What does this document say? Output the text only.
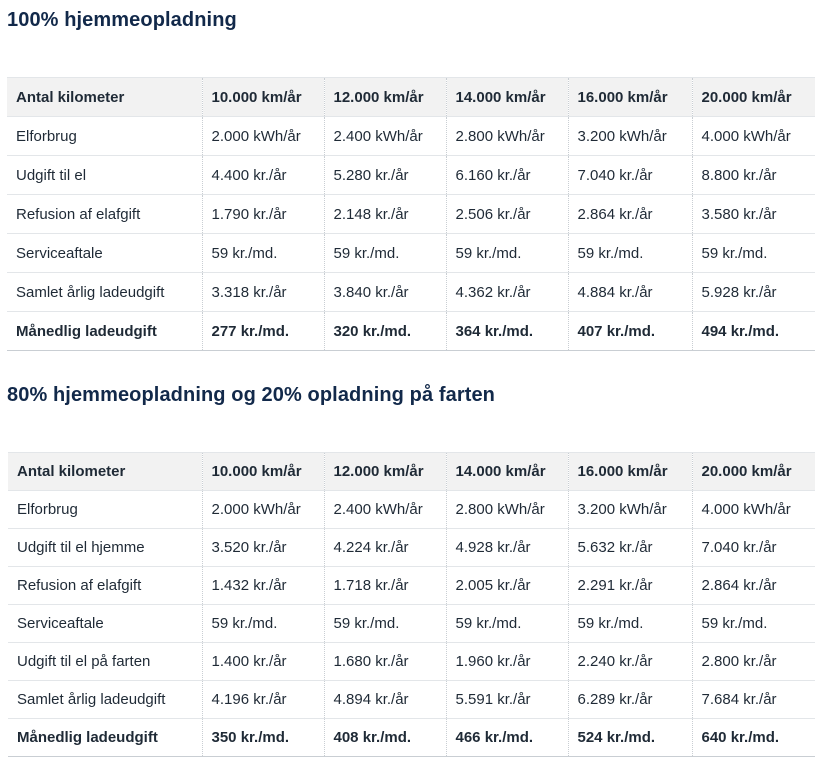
100% hjemmeopladning
Antal kilometer	10.000 km/år	12.000 km/år	14.000 km/år	16.000 km/år	20.000 km/år
Elforbrug	2.000 kWh/år	2.400 kWh/år	2.800 kWh/år	3.200 kWh/år	4.000 kWh/år
Udgift til el	4.400 kr./år	5.280 kr./år	6.160 kr./år	7.040 kr./år	8.800 kr./år
Refusion af elafgift	1.790 kr./år	2.148 kr./år	2.506 kr./år	2.864 kr./år	3.580 kr./år
Serviceaftale	59 kr./md.	59 kr./md.	59 kr./md.	59 kr./md.	59 kr./md.
Samlet årlig ladeudgift	3.318 kr./år	3.840 kr./år	4.362 kr./år	4.884 kr./år	5.928 kr./år
Månedlig ladeudgift	277 kr./md.	320 kr./md.	364 kr./md.	407 kr./md.	494 kr./md.
80% hjemmeopladning og 20% opladning på farten
Antal kilometer	10.000 km/år	12.000 km/år	14.000 km/år	16.000 km/år	20.000 km/år
Elforbrug	2.000 kWh/år	2.400 kWh/år	2.800 kWh/år	3.200 kWh/år	4.000 kWh/år
Udgift til el hjemme	3.520 kr./år	4.224 kr./år	4.928 kr./år	5.632 kr./år	7.040 kr./år
Refusion af elafgift	1.432 kr./år	1.718 kr./år	2.005 kr./år	2.291 kr./år	2.864 kr./år
Serviceaftale	59 kr./md.	59 kr./md.	59 kr./md.	59 kr./md.	59 kr./md.
Udgift til el på farten	1.400 kr./år	1.680 kr./år	1.960 kr./år	2.240 kr./år	2.800 kr./år
Samlet årlig ladeudgift	4.196 kr./år	4.894 kr./år	5.591 kr./år	6.289 kr./år	7.684 kr./år
Månedlig ladeudgift	350 kr./md.	408 kr./md.	466 kr./md.	524 kr./md.	640 kr./md.
